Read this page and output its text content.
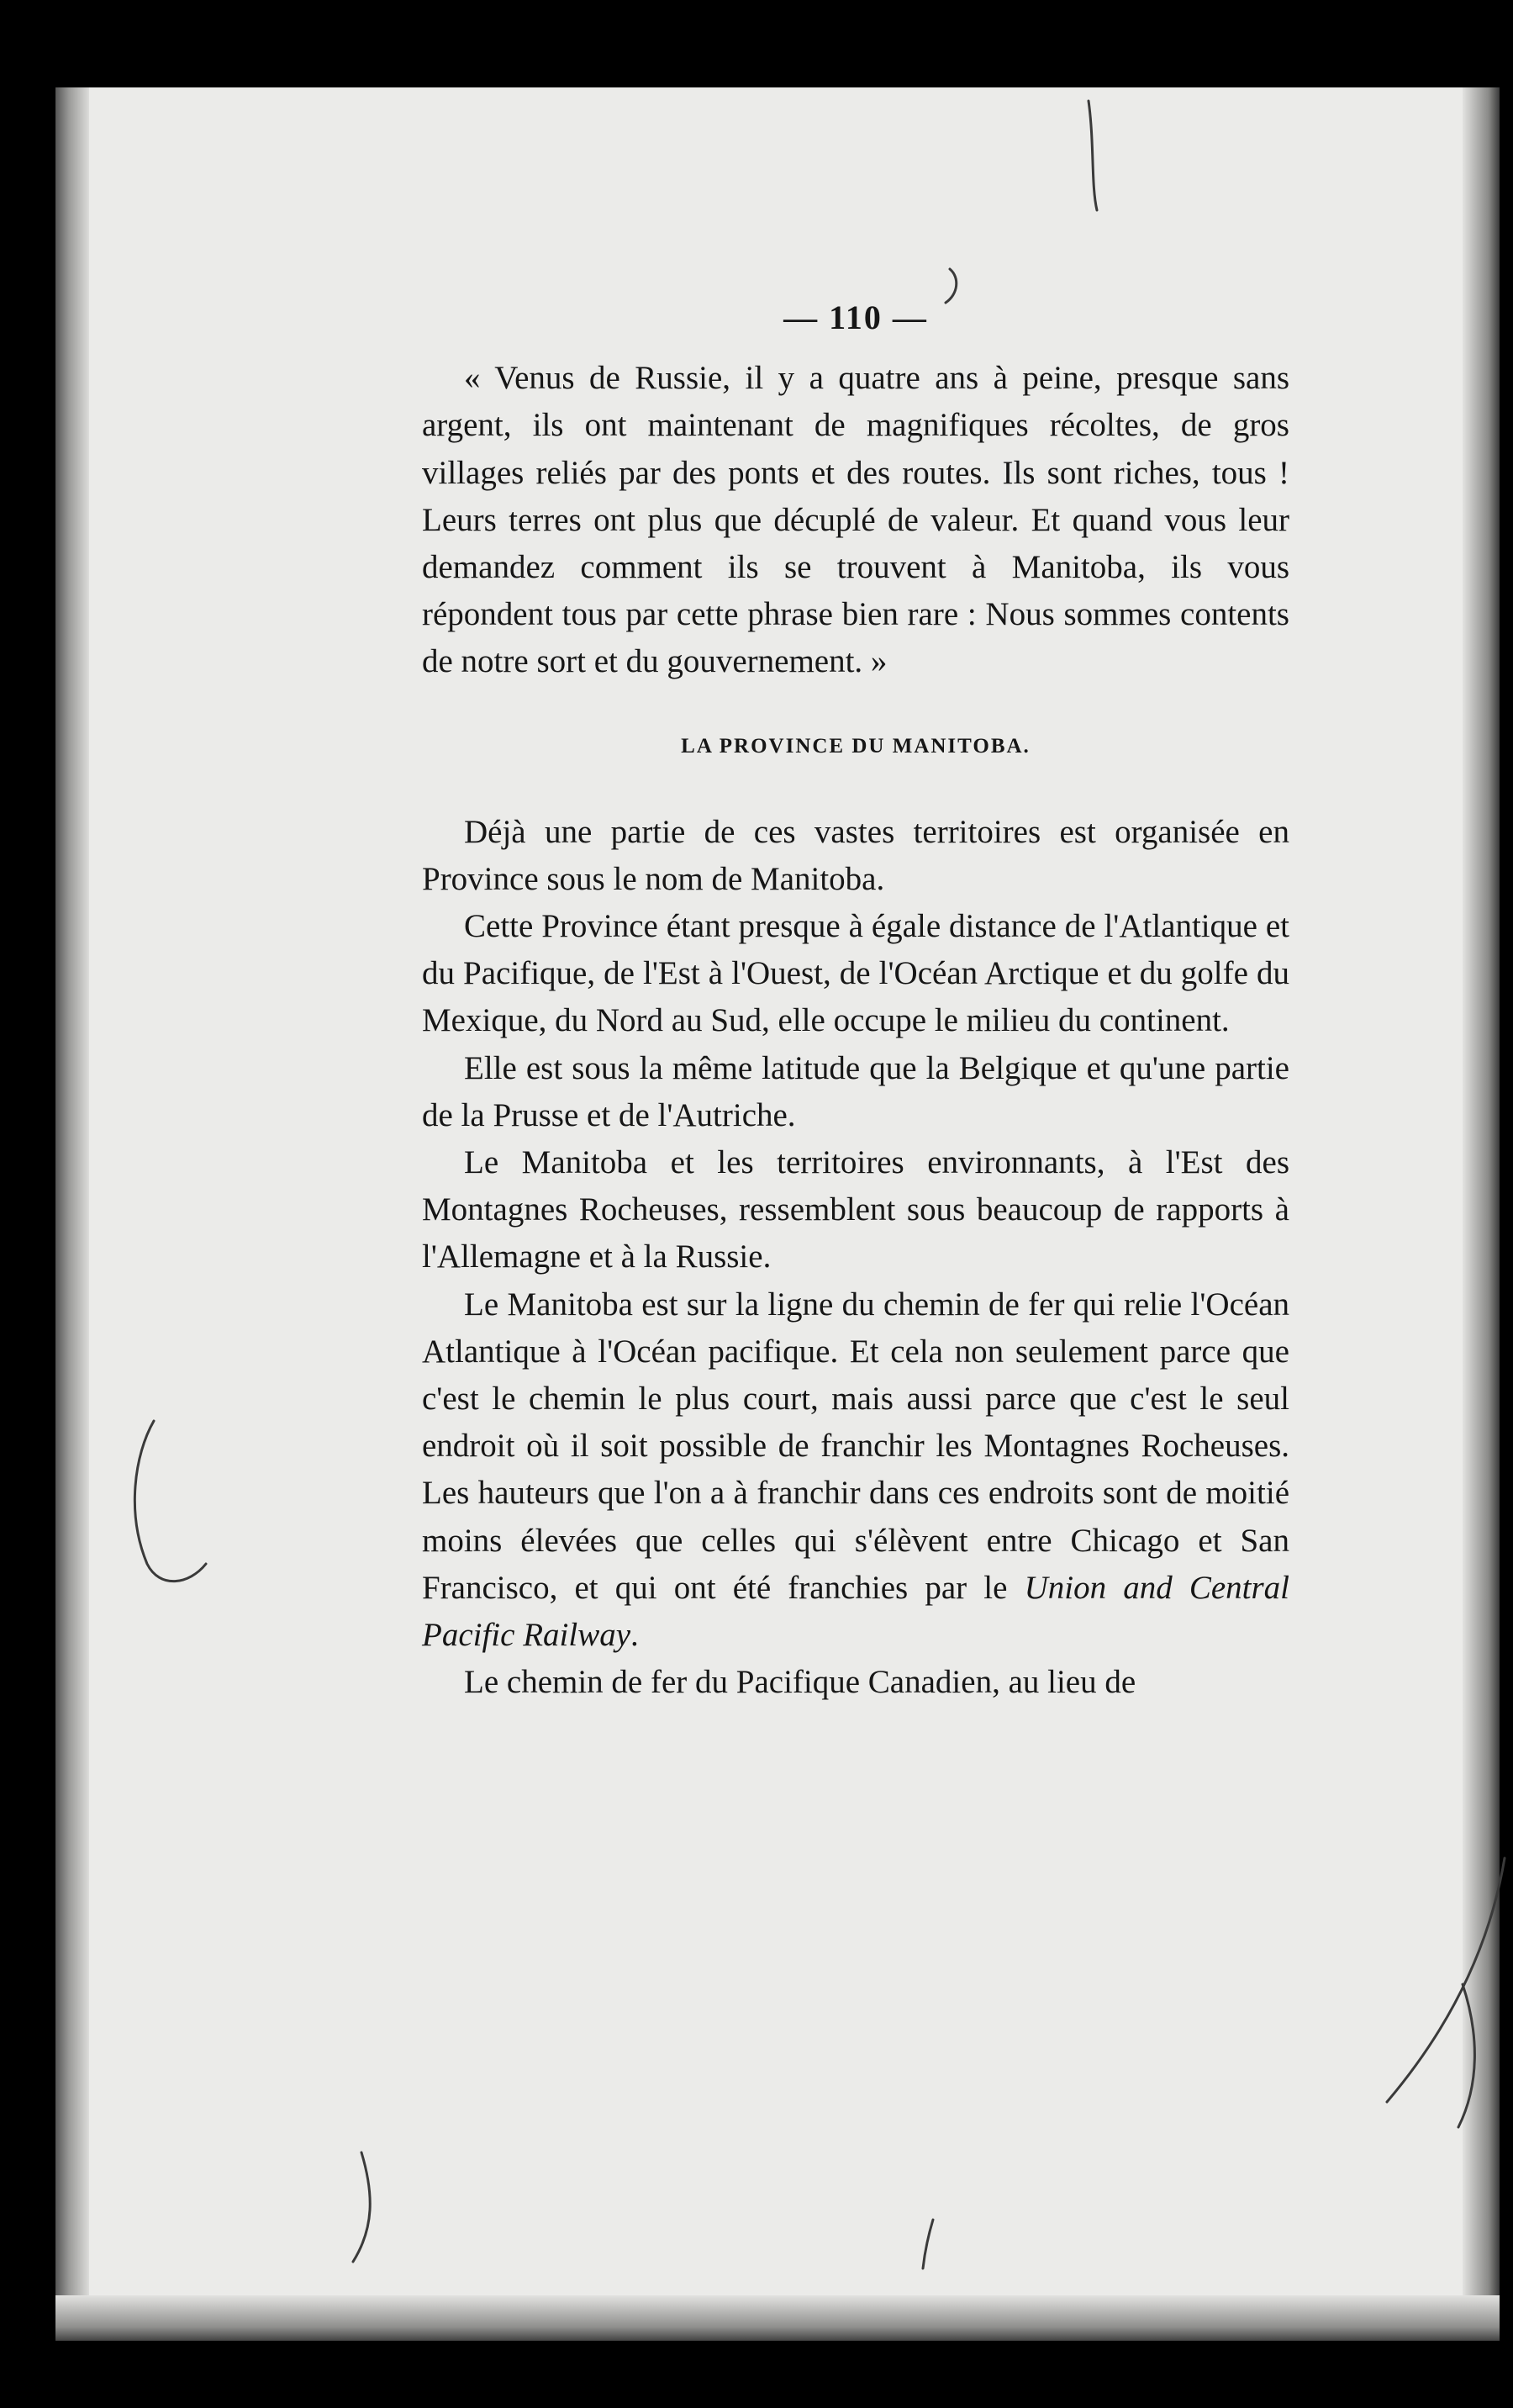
— 110 —

« Venus de Russie, il y a quatre ans à peine, presque sans argent, ils ont maintenant de magnifiques récoltes, de gros villages reliés par des ponts et des routes. Ils sont riches, tous ! Leurs terres ont plus que décuplé de valeur. Et quand vous leur demandez comment ils se trouvent à Manitoba, ils vous répondent tous par cette phrase bien rare : Nous sommes contents de notre sort et du gouvernement. »

LA PROVINCE DU MANITOBA.

Déjà une partie de ces vastes territoires est organisée en Province sous le nom de Manitoba.

Cette Province étant presque à égale distance de l'Atlantique et du Pacifique, de l'Est à l'Ouest, de l'Océan Arctique et du golfe du Mexique, du Nord au Sud, elle occupe le milieu du continent.

Elle est sous la même latitude que la Belgique et qu'une partie de la Prusse et de l'Autriche.

Le Manitoba et les territoires environnants, à l'Est des Montagnes Rocheuses, ressemblent sous beaucoup de rapports à l'Allemagne et à la Russie.

Le Manitoba est sur la ligne du chemin de fer qui relie l'Océan Atlantique à l'Océan pacifique. Et cela non seulement parce que c'est le chemin le plus court, mais aussi parce que c'est le seul endroit où il soit possible de franchir les Montagnes Rocheuses. Les hauteurs que l'on a à franchir dans ces endroits sont de moitié moins élevées que celles qui s'élèvent entre Chicago et San Francisco, et qui ont été franchies par le Union and Central Pacific Railway.

Le chemin de fer du Pacifique Canadien, au lieu de
